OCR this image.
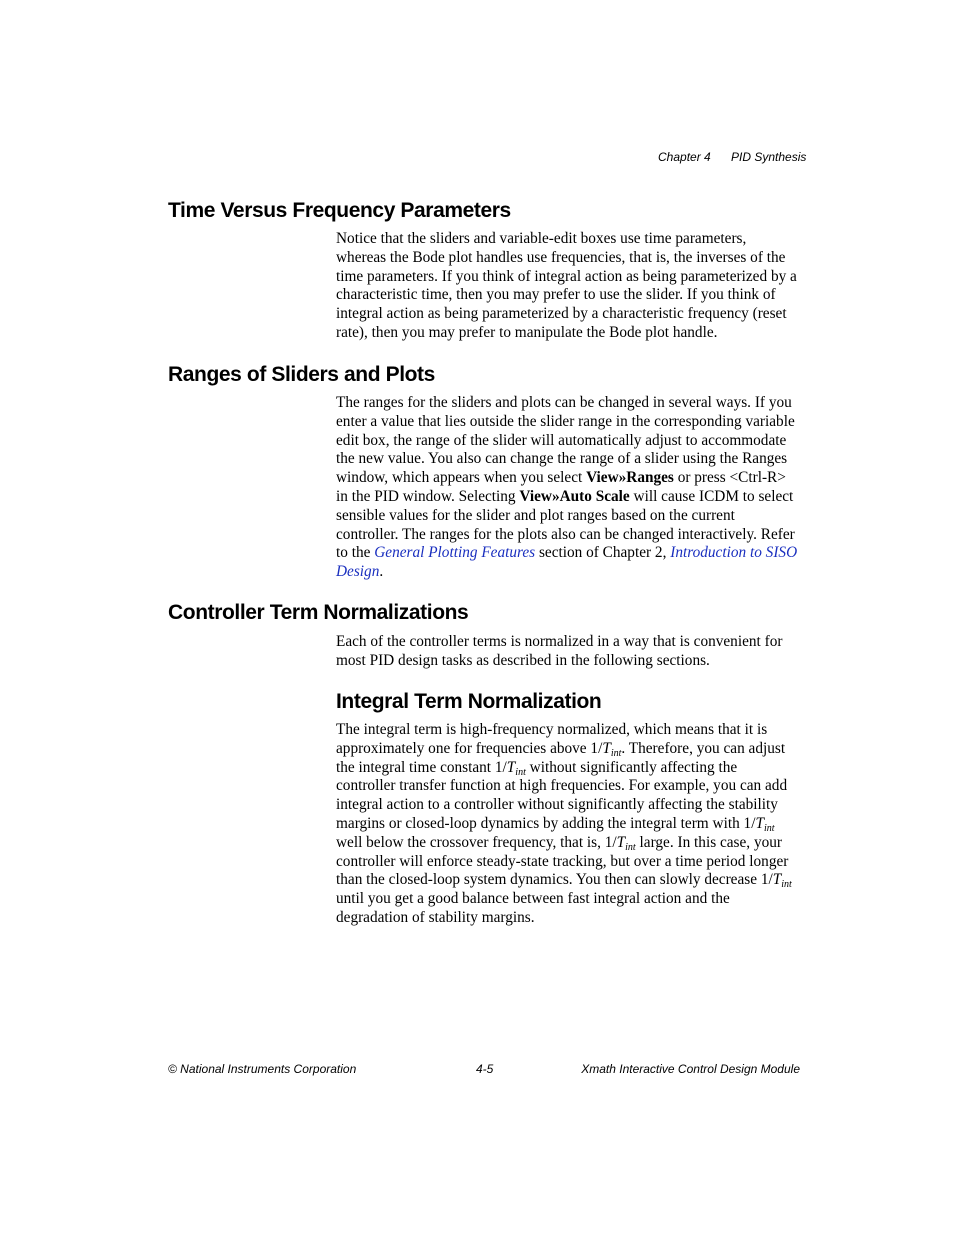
Chapter 4 PID Synthesis
Time Versus Frequency Parameters

Notice that the sliders and variable-edit boxes use time parameters, whereas the Bode plot handles use frequencies, that is, the inverses of the time parameters. If you think of integral action as being parameterized by a characteristic time, then you may prefer to use the slider. If you think of integral action as being parameterized by a characteristic frequency (reset rate), then you may prefer to manipulate the Bode plot handle.

Ranges of Sliders and Plots

The ranges for the sliders and plots can be changed in several ways. If you enter a value that lies outside the slider range in the corresponding variable edit box, the range of the slider will automatically adjust to accommodate the new value. You also can change the range of a slider using the Ranges window, which appears when you select View»Ranges or press <Ctrl-R> in the PID window. Selecting View»Auto Scale will cause ICDM to select sensible values for the slider and plot ranges based on the current controller. The ranges for the plots also can be changed interactively. Refer to the General Plotting Features section of Chapter 2, Introduction to SISO Design.

Controller Term Normalizations

Each of the controller terms is normalized in a way that is convenient for most PID design tasks as described in the following sections.

Integral Term Normalization

The integral term is high-frequency normalized, which means that it is approximately one for frequencies above $1/T_{int}$. Therefore, you can adjust the integral time constant $1/T_{int}$ without significantly affecting the controller transfer function at high frequencies. For example, you can add integral action to a controller without significantly affecting the stability margins or closed-loop dynamics by adding the integral term with $1/T_{int}$ well below the crossover frequency, that is, $1/T_{int}$ large. In this case, your controller will enforce steady-state tracking, but over a time period longer than the closed-loop system dynamics. You then can slowly decrease $1/T_{int}$ until you get a good balance between fast integral action and the degradation of stability margins.

© National Instruments Corporation	4-5	Xmath Interactive Control Design Module
